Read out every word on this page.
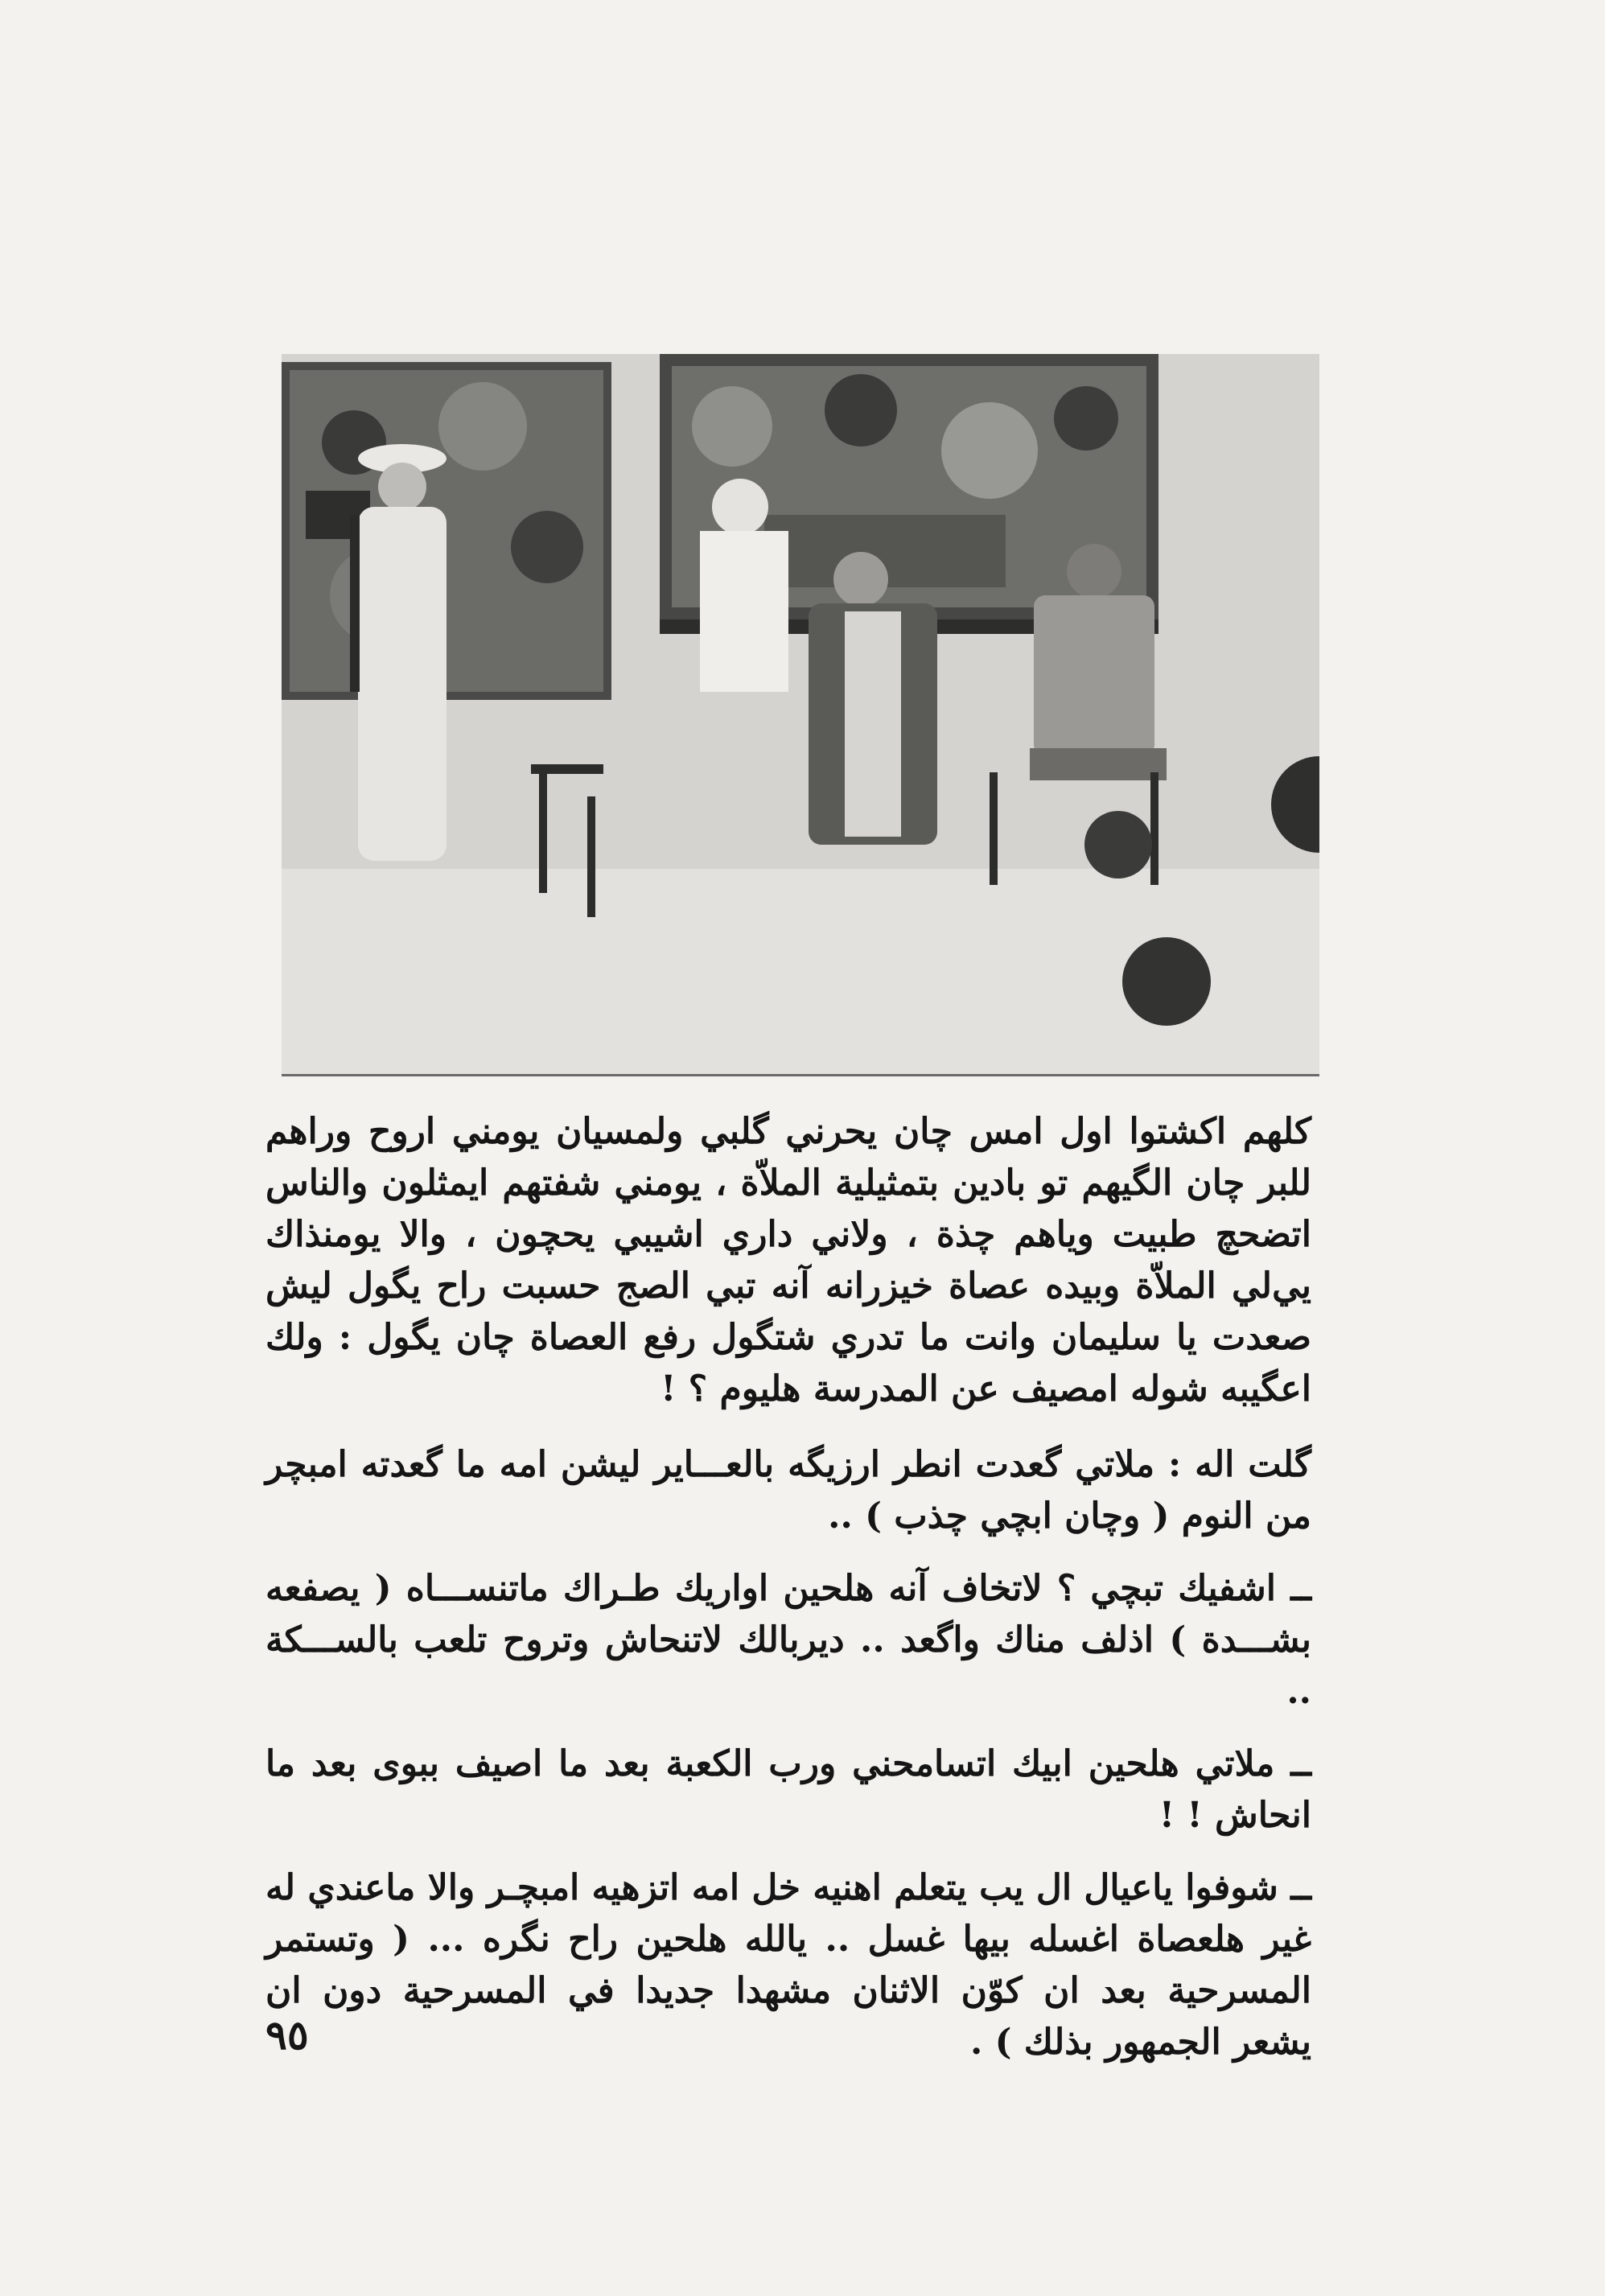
كلهم اكشتوا اول امس چان يحرني گلبي ولمسيان يومني اروح وراهم للبر چان الگيهم تو بادين بتمثيلية الملاّة ، يومني شفتهم ايمثلون والناس اتضحچ طبيت وياهم چذة ، ولاني داري اشيبي يحچون ، والا يومنذاك يي‌لي الملاّة وبيده عصاة خيزرانه آنه تبي الصج حسبت راح يگول ليش صعدت يا سليمان وانت ما تدري شتگول رفع العصاة چان يگول : ولك اعگيبه شوله امصيف عن المدرسة هليوم ؟ !

گلت اله : ملاتي گعدت انطر ارزيگه بالعـــاير ليشن امه ما گعدته امبچر من النوم ( وچان ابچي چذب ) ..

ــ اشفيك تبچي ؟ لاتخاف آنه هلحين اواريك طـراك ماتنســـاه ( يصفعه بشـــدة ) اذلف مناك واگعد .. ديربالك لاتنحاش وتروح تلعب بالســـكة ..

ــ ملاتي هلحين ابيك اتسامحني ورب الكعبة بعد ما اصيف ببوى بعد ما انحاش ! !

ــ شوفوا ياعيال ال يب يتعلم اهنيه خل امه اتزهيه امبچـر والا ماعندي له غير هلعصاة اغسله بيها غسل .. يالله هلحين راح نگره ... ( وتستمر المسرحية بعد ان كوّن الاثنان مشهدا جديدا في المسرحية دون ان يشعر الجمهور بذلك ) .

٩٥
